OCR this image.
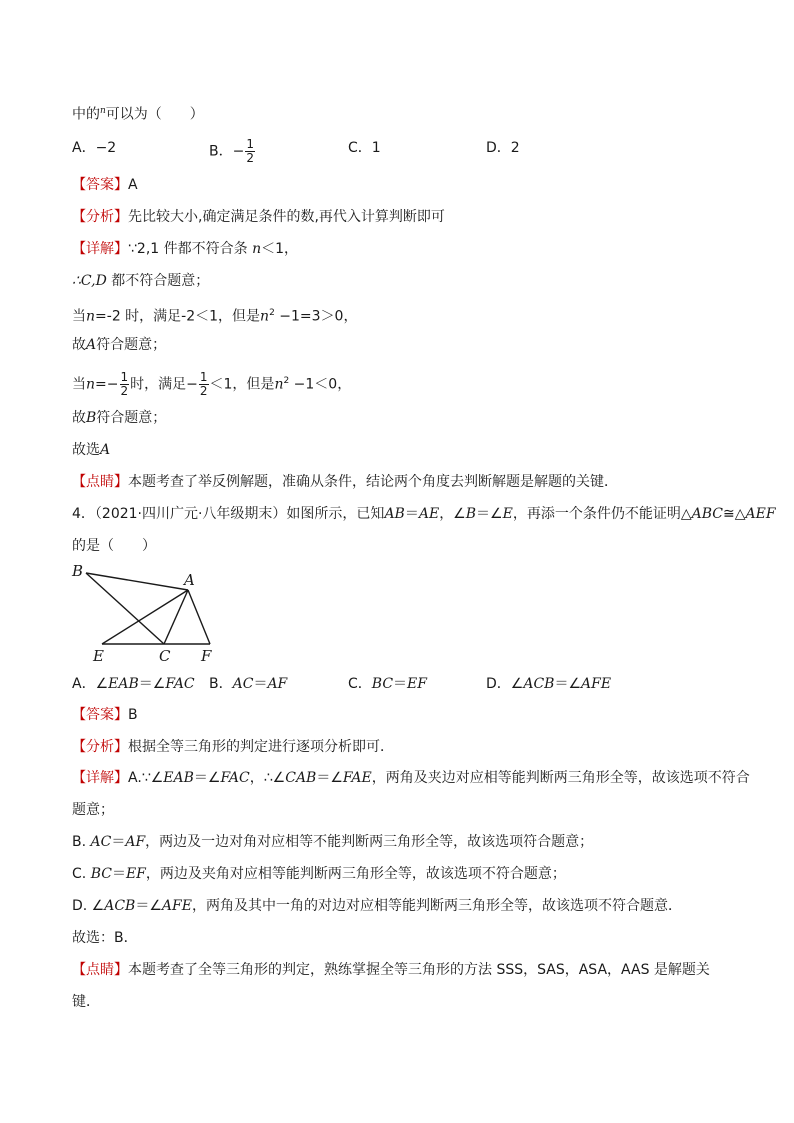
中的$^n$可以为（　　）
A．−2	B．− $\frac{1}{2}$	C．1	D．2
【答案】A
【分析】先比较大小,确定满足条件的数,再代入计算判断即可
【详解】∵2,1 件都不符合条 n＜1，
∴C,D 都不符合题意；
当n=-2 时，满足-2＜1，但是$n^2 -1=3>0$，
故A符合题意；
当$n=- \frac{1}{2}$ 时，满足− $\frac{1}{2} <1$，但是$n^2 -1<0$，
故B符合题意；
故选A
【点睛】本题考查了举反例解题，准确从条件，结论两个角度去判断解题是解题的关键．
4．（2021·四川广元·八年级期末）如图所示，已知AB＝AE，∠B＝∠E，再添一个条件仍不能证明△ABC≅△AEF
的是（　　）
B	A
E	C F
A．∠EAB＝∠FAC B．AC＝AF	C．BC＝EF	D．∠ACB＝∠AFE
【答案】B
【分析】根据全等三角形的判定进行逐项分析即可．
【详解】A.∵∠EAB＝∠FAC，∴∠CAB＝∠FAE，两角及夹边对应相等能判断两三角形全等，故该选项不符合
题意；
B. AC＝AF，两边及一边对角对应相等不能判断两三角形全等，故该选项符合题意；
C. BC＝EF，两边及夹角对应相等能判断两三角形全等，故该选项不符合题意；
D. ∠ACB＝∠AFE，两角及其中一角的对边对应相等能判断两三角形全等，故该选项不符合题意．
故选：B．
【点睛】本题考查了全等三角形的判定，熟练掌握全等三角形的方法 SSS，SAS，ASA，AAS 是解题关
键．
